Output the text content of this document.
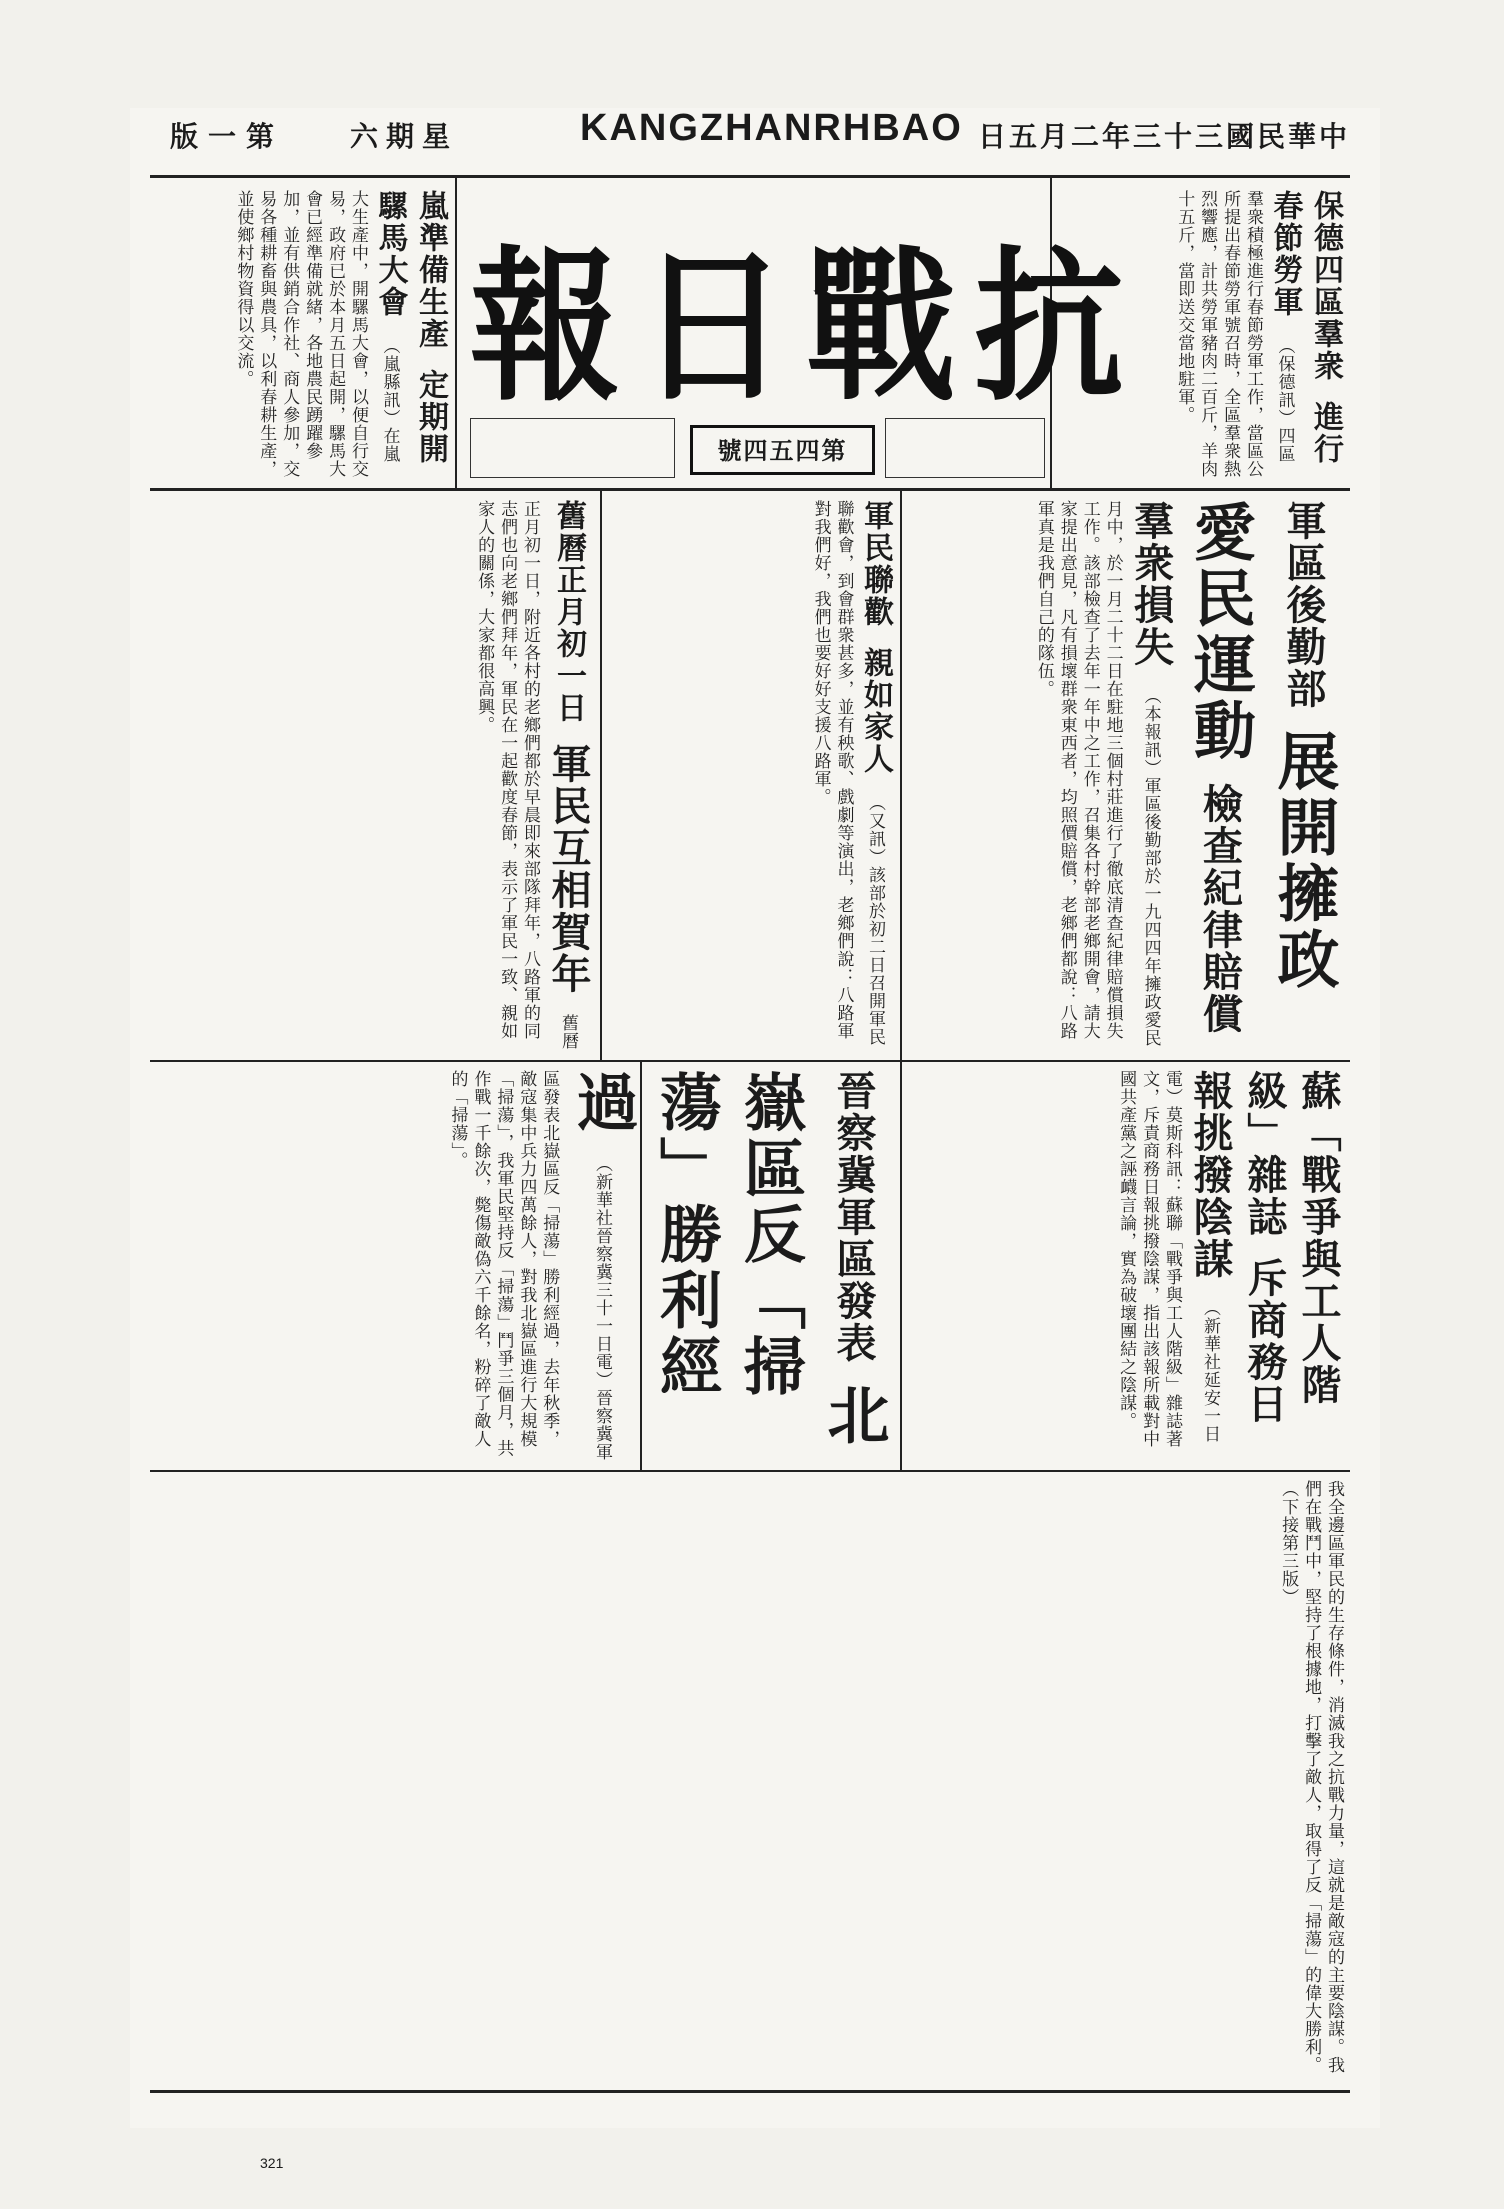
版一第 六期星	KANGZHANRHBAO 日五月二年三十三國民華中
報日戰抗
號四五四第
嵐準備生產 定期開騾馬大會 （嵐縣訊）在嵐大生產中，開騾馬大會，以便自行交易，政府已於本月五日起開，騾馬大會已經準備就緒，各地農民踴躍參加，並有供銷合作社、商人參加，交易各種耕畜與農具，以利春耕生產，並使鄉村物資得以交流。	保德四區羣衆 進行春節勞軍 （保德訊）四區羣衆積極進行春節勞軍工作，當區公所提出春節勞軍號召時，全區羣衆熱烈響應，計共勞軍豬肉二百斤，羊肉十五斤，當即送交當地駐軍。
軍區後勤部 展開擁政愛民運動 檢查紀律賠償羣衆損失 （本報訊）軍區後勤部於一九四四年擁政愛民月中，於一月二十二日在駐地三個村莊進行了徹底清查紀律賠償損失工作。該部檢查了去年一年中之工作，召集各村幹部老鄉開會，請大家提出意見，凡有損壞群衆東西者，均照價賠償，老鄉們都說：八路軍真是我們自己的隊伍。
軍民聯歡 親如家人 （又訊）該部於初二日召開軍民聯歡會，到會群衆甚多，並有秧歌、戲劇等演出，老鄉們說：八路軍對我們好，我們也要好好支援八路軍。
舊曆正月初一日 軍民互相賀年 舊曆正月初一日，附近各村的老鄉們都於早晨即來部隊拜年，八路軍的同志們也向老鄉們拜年，軍民在一起歡度春節，表示了軍民一致、親如家人的關係，大家都很高興。
蘇「戰爭與工人階級」雜誌 斥商務日報挑撥陰謀 （新華社延安一日電）莫斯科訊：蘇聯「戰爭與工人階級」雜誌著文，斥責商務日報挑撥陰謀，指出該報所載對中國共產黨之誣衊言論，實為破壞團結之陰謀。
晉察冀軍區發表 北嶽區反「掃蕩」勝利經過 （新華社晉察冀三十一日電）晉察冀軍區發表北嶽區反「掃蕩」勝利經過，去年秋季，敵寇集中兵力四萬餘人，對我北嶽區進行大規模「掃蕩」，我軍民堅持反「掃蕩」鬥爭三個月，共作戰一千餘次，斃傷敵偽六千餘名，粉碎了敵人的「掃蕩」。
我全邊區軍民的生存條件，消滅我之抗戰力量，這就是敵寇的主要陰謀。我們在戰鬥中，堅持了根據地，打擊了敵人，取得了反「掃蕩」的偉大勝利。（下接第三版）
321
